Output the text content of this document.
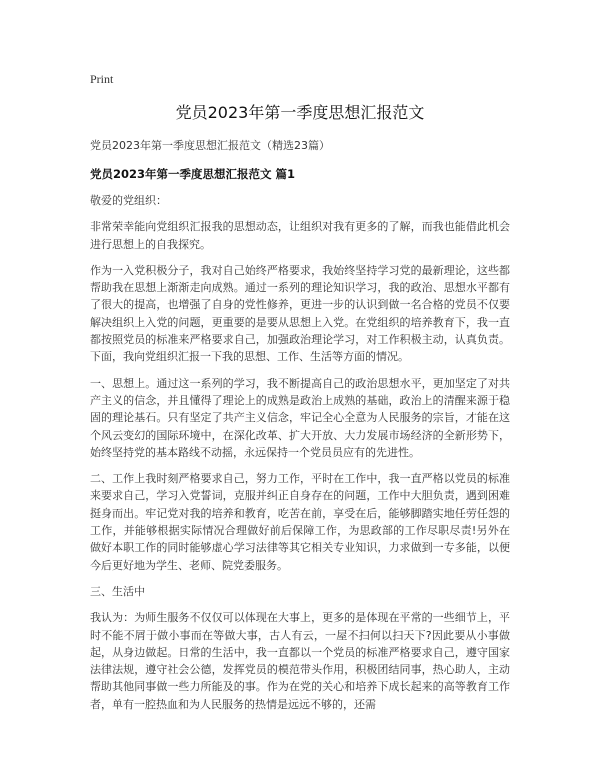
Print
党员2023年第一季度思想汇报范文
党员2023年第一季度思想汇报范文（精选23篇）
党员2023年第一季度思想汇报范文 篇1

敬爱的党组织：

非常荣幸能向党组织汇报我的思想动态，让组织对我有更多的了解，而我也能借此机会进行思想上的自我探究。

作为一入党积极分子，我对自己始终严格要求，我始终坚持学习党的最新理论，这些都帮助我在思想上渐渐走向成熟。通过一系列的理论知识学习，我的政治、思想水平都有了很大的提高，也增强了自身的党性修养，更进一步的认识到做一名合格的党员不仅要解决组织上入党的问题，更重要的是要从思想上入党。在党组织的培养教育下，我一直都按照党员的标准来严格要求自己，加强政治理论学习，对工作积极主动，认真负责。下面，我向党组织汇报一下我的思想、工作、生活等方面的情况。

一、思想上。通过这一系列的学习，我不断提高自己的政治思想水平，更加坚定了对共产主义的信念，并且懂得了理论上的成熟是政治上成熟的基础，政治上的清醒来源于稳固的理论基石。只有坚定了共产主义信念，牢记全心全意为人民服务的宗旨，才能在这个风云变幻的国际环境中，在深化改革、扩大开放、大力发展市场经济的全新形势下，始终坚持党的基本路线不动摇，永远保持一个党员员应有的先进性。

二、工作上我时刻严格要求自己，努力工作，平时在工作中，我一直严格以党员的标准来要求自己，学习入党誓词，克服并纠正自身存在的问题，工作中大胆负责，遇到困难挺身而出。牢记党对我的培养和教育，吃苦在前，享受在后，能够脚踏实地任劳任怨的工作，并能够根据实际情况合理做好前后保障工作，为思政部的工作尽职尽责!另外在做好本职工作的同时能够虚心学习法律等其它相关专业知识，力求做到一专多能，以便今后更好地为学生、老师、院党委服务。

三、生活中

我认为：为师生服务不仅仅可以体现在大事上，更多的是体现在平常的一些细节上，平时不能不屑于做小事而在等做大事，古人有云，一屋不扫何以扫天下?因此要从小事做起，从身边做起。日常的生活中，我一直都以一个党员的标准严格要求自己，遵守国家法律法规，遵守社会公德，发挥党员的模范带头作用，积极团结同事，热心助人，主动帮助其他同事做一些力所能及的事。作为在党的关心和培养下成长起来的高等教育工作者，单有一腔热血和为人民服务的热情是远远不够的，还需
